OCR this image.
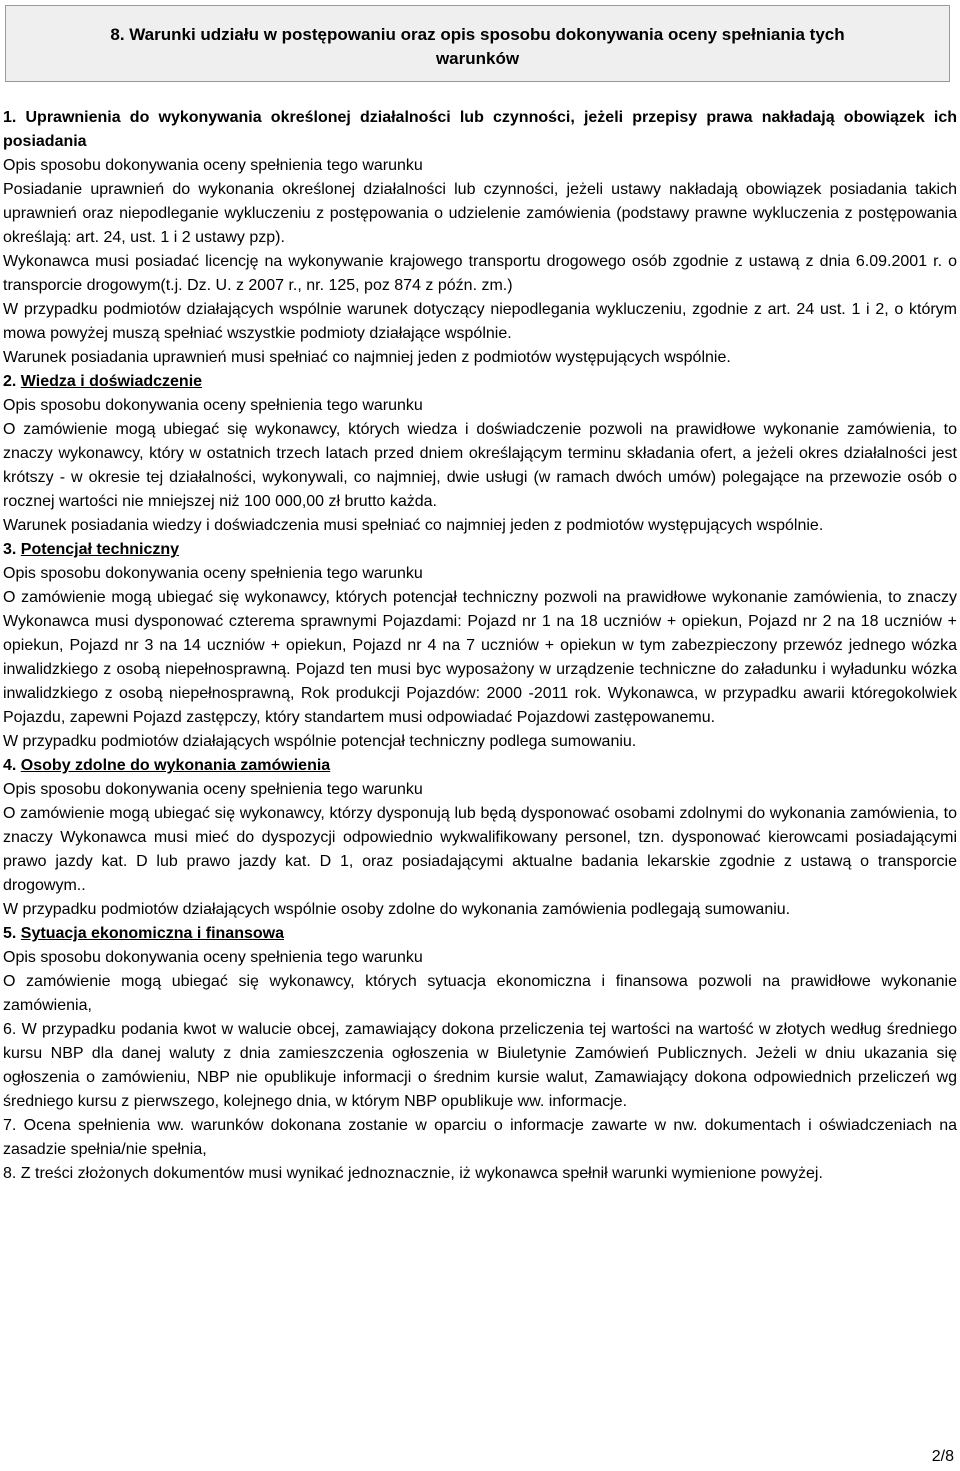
8. Warunki udziału w postępowaniu oraz opis sposobu dokonywania oceny spełniania tych
warunków

1. Uprawnienia do wykonywania określonej działalności lub czynności, jeżeli przepisy prawa nakładają obowiązek ich posiadania

Opis sposobu dokonywania oceny spełnienia tego warunku

Posiadanie uprawnień do wykonania określonej działalności lub czynności, jeżeli ustawy nakładają obowiązek posiadania takich uprawnień oraz niepodleganie wykluczeniu z postępowania o udzielenie zamówienia (podstawy prawne wykluczenia z postępowania określają: art. 24, ust. 1 i 2 ustawy pzp).

Wykonawca musi posiadać licencję na wykonywanie krajowego transportu drogowego osób zgodnie z ustawą z dnia 6.09.2001 r. o transporcie drogowym(t.j. Dz. U. z 2007 r., nr. 125, poz 874 z późn. zm.)

W przypadku podmiotów działających wspólnie warunek dotyczący niepodlegania wykluczeniu, zgodnie z art. 24 ust. 1 i 2, o którym mowa powyżej muszą spełniać wszystkie podmioty działające wspólnie.

Warunek posiadania uprawnień musi spełniać co najmniej jeden z podmiotów występujących wspólnie.

2. Wiedza i doświadczenie

Opis sposobu dokonywania oceny spełnienia tego warunku

O zamówienie mogą ubiegać się wykonawcy, których wiedza i doświadczenie pozwoli na prawidłowe wykonanie zamówienia, to znaczy wykonawcy, który w ostatnich trzech latach przed dniem określającym terminu składania ofert, a jeżeli okres działalności jest krótszy - w okresie tej działalności, wykonywali, co najmniej, dwie usługi (w ramach dwóch umów) polegające na przewozie osób o rocznej wartości nie mniejszej niż 100 000,00 zł brutto każda.

Warunek posiadania wiedzy i doświadczenia musi spełniać co najmniej jeden z podmiotów występujących wspólnie.

3. Potencjał techniczny

Opis sposobu dokonywania oceny spełnienia tego warunku

O zamówienie mogą ubiegać się wykonawcy, których potencjał techniczny pozwoli na prawidłowe wykonanie zamówienia, to znaczy Wykonawca musi dysponować czterema sprawnymi Pojazdami: Pojazd nr 1 na 18 uczniów + opiekun, Pojazd nr 2 na 18 uczniów + opiekun, Pojazd nr 3 na 14 uczniów + opiekun, Pojazd nr 4 na 7 uczniów + opiekun w tym zabezpieczony przewóz jednego wózka inwalidzkiego z osobą niepełnosprawną. Pojazd ten musi byc wyposażony w urządzenie techniczne do załadunku i wyładunku wózka inwalidzkiego z osobą niepełnosprawną, Rok produkcji Pojazdów: 2000 -2011 rok. Wykonawca, w przypadku awarii któregokolwiek Pojazdu, zapewni Pojazd zastępczy, który standartem musi odpowiadać Pojazdowi zastępowanemu.

W przypadku podmiotów działających wspólnie potencjał techniczny podlega sumowaniu.

4. Osoby zdolne do wykonania zamówienia

Opis sposobu dokonywania oceny spełnienia tego warunku

O zamówienie mogą ubiegać się wykonawcy, którzy dysponują lub będą dysponować osobami zdolnymi do wykonania zamówienia, to znaczy Wykonawca musi mieć do dyspozycji odpowiednio wykwalifikowany personel, tzn. dysponować kierowcami posiadającymi prawo jazdy kat. D lub prawo jazdy kat. D 1, oraz posiadającymi aktualne badania lekarskie zgodnie z ustawą o transporcie drogowym..

W przypadku podmiotów działających wspólnie osoby zdolne do wykonania zamówienia podlegają sumowaniu.

5. Sytuacja ekonomiczna i finansowa

Opis sposobu dokonywania oceny spełnienia tego warunku

O zamówienie mogą ubiegać się wykonawcy, których sytuacja ekonomiczna i finansowa pozwoli na prawidłowe wykonanie zamówienia,

6. W przypadku podania kwot w walucie obcej, zamawiający dokona przeliczenia tej wartości na wartość w złotych według średniego kursu NBP dla danej waluty z dnia zamieszczenia ogłoszenia w Biuletynie Zamówień Publicznych. Jeżeli w dniu ukazania się ogłoszenia o zamówieniu, NBP nie opublikuje informacji o średnim kursie walut, Zamawiający dokona odpowiednich przeliczeń wg średniego kursu z pierwszego, kolejnego dnia, w którym NBP opublikuje ww. informacje.

7. Ocena spełnienia ww. warunków dokonana zostanie w oparciu o informacje zawarte w nw. dokumentach i oświadczeniach na zasadzie spełnia/nie spełnia,

8. Z treści złożonych dokumentów musi wynikać jednoznacznie, iż wykonawca spełnił warunki wymienione powyżej.

2/8
